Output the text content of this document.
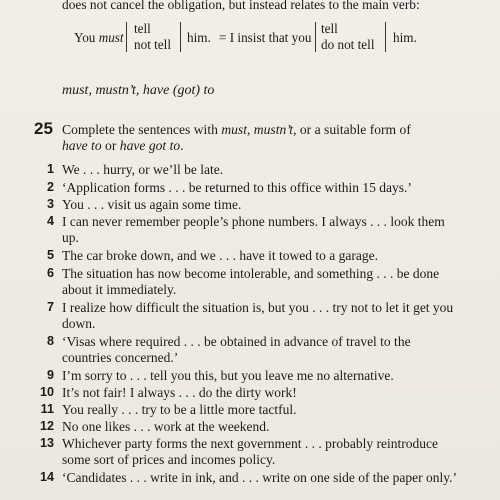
does not cancel the obligation, but instead relates to the main verb:
You must
tell
not tell him. = I insist that you
tell
do not tell him.
must, mustn’t, have (got) to
25 Complete the sentences with must, mustn’t, or a suitable form of
have to or have got to.
1 We . . . hurry, or we’ll be late.
2 ‘Application forms . . . be returned to this office within 15 days.’
3 You . . . visit us again some time.
4 I can never remember people’s phone numbers. I always . . . look them up.
5 The car broke down, and we . . . have it towed to a garage.
6 The situation has now become intolerable, and something . . . be done about it immediately.
7 I realize how difficult the situation is, but you . . . try not to let it get you down.
8 ‘Visas where required . . . be obtained in advance of travel to the countries concerned.’
9 I’m sorry to . . . tell you this, but you leave me no alternative.
10 It’s not fair! I always . . . do the dirty work!
11 You really . . . try to be a little more tactful.
12 No one likes . . . work at the weekend.
13 Whichever party forms the next government . . . probably reintroduce some sort of prices and incomes policy.
14 ‘Candidates . . . write in ink, and . . . write on one side of the paper only.’
